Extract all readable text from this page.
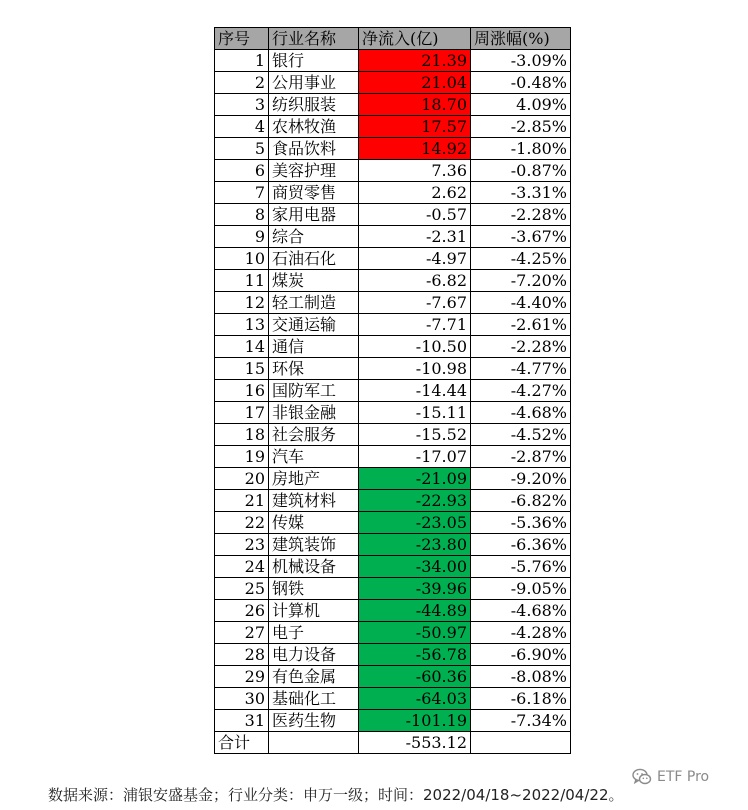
序号	行业名称	净流入(亿)	周涨幅(%)
1	银行	21.39	-3.09%
2	公用事业	21.04	-0.48%
3	纺织服装	18.70	4.09%
4	农林牧渔	17.57	-2.85%
5	食品饮料	14.92	-1.80%
6	美容护理	7.36	-0.87%
7	商贸零售	2.62	-3.31%
8	家用电器	-0.57	-2.28%
9	综合	-2.31	-3.67%
10	石油石化	-4.97	-4.25%
11	煤炭	-6.82	-7.20%
12	轻工制造	-7.67	-4.40%
13	交通运输	-7.71	-2.61%
14	通信	-10.50	-2.28%
15	环保	-10.98	-4.77%
16	国防军工	-14.44	-4.27%
17	非银金融	-15.11	-4.68%
18	社会服务	-15.52	-4.52%
19	汽车	-17.07	-2.87%
20	房地产	-21.09	-9.20%
21	建筑材料	-22.93	-6.82%
22	传媒	-23.05	-5.36%
23	建筑装饰	-23.80	-6.36%
24	机械设备	-34.00	-5.76%
25	钢铁	-39.96	-9.05%
26	计算机	-44.89	-4.68%
27	电子	-50.97	-4.28%
28	电力设备	-56.78	-6.90%
29	有色金属	-60.36	-8.08%
30	基础化工	-64.03	-6.18%
31	医药生物	-101.19	-7.34%
合计		-553.12	
数据来源：浦银安盛基金；行业分类：申万一级；时间：2022/04/18~2022/04/22。
ETF Pro
